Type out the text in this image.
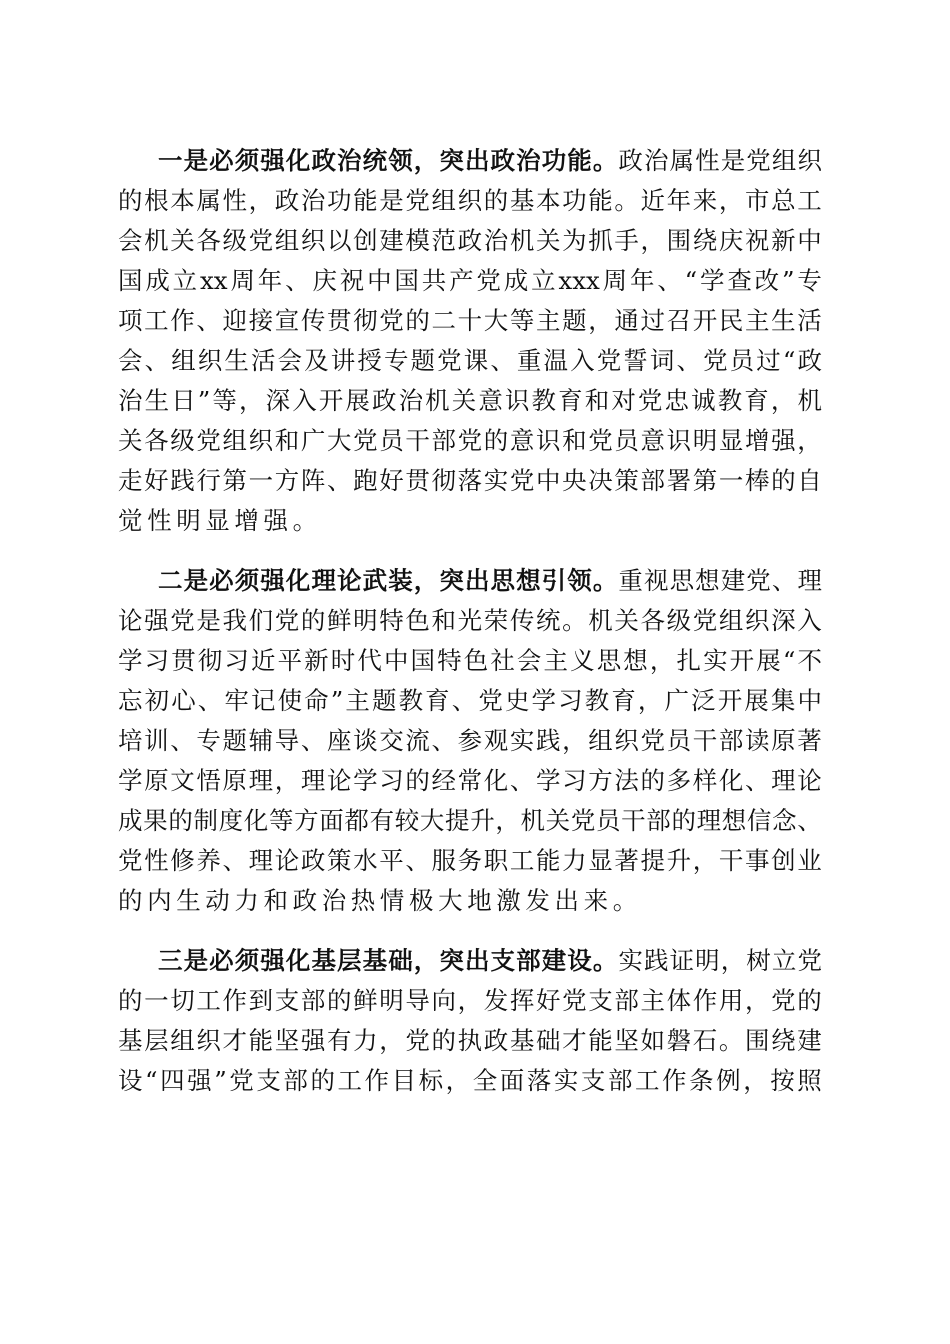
一 是 必 须 强 化 政 治 统 领 ， 突 出 政 治 功 能 。 政 治 属 性 是 党 组 织
的 根 本 属 性 ， 政 治 功 能 是 党 组 织 的 基 本 功 能 。 近 年 来 ， 市 总 工
会 机 关 各 级 党 组 织 以 创 建 模 范 政 治 机 关 为 抓 手 ， 围 绕 庆 祝 新 中
国 成 立 xx 周 年 、 庆 祝 中 国 共 产 党 成 立 xxx 周 年 、 “ 学 查 改 ” 专
项 工 作 、 迎 接 宣 传 贯 彻 党 的 二 十 大 等 主 题 ， 通 过 召 开 民 主 生 活
会 、 组 织 生 活 会 及 讲 授 专 题 党 课 、 重 温 入 党 誓 词 、 党 员 过 “ 政
治 生 日 ” 等 ， 深 入 开 展 政 治 机 关 意 识 教 育 和 对 党 忠 诚 教 育 ， 机
关 各 级 党 组 织 和 广 大 党 员 干 部 党 的 意 识 和 党 员 意 识 明 显 增 强 ，
走 好 践 行 第 一 方 阵 、 跑 好 贯 彻 落 实 党 中 央 决 策 部 署 第 一 棒 的 自
觉性明显增强。
二 是 必 须 强 化 理 论 武 装 ， 突 出 思 想 引 领 。 重 视 思 想 建 党 、 理
论 强 党 是 我 们 党 的 鲜 明 特 色 和 光 荣 传 统 。 机 关 各 级 党 组 织 深 入
学 习 贯 彻 习 近 平 新 时 代 中 国 特 色 社 会 主 义 思 想 ， 扎 实 开 展 “ 不
忘 初 心 、 牢 记 使 命 ” 主 题 教 育 、 党 史 学 习 教 育 ， 广 泛 开 展 集 中
培 训 、 专 题 辅 导 、 座 谈 交 流 、 参 观 实 践 ， 组 织 党 员 干 部 读 原 著
学 原 文 悟 原 理 ， 理 论 学 习 的 经 常 化 、 学 习 方 法 的 多 样 化 、 理 论
成 果 的 制 度 化 等 方 面 都 有 较 大 提 升 ， 机 关 党 员 干 部 的 理 想 信 念 、
党 性 修 养 、 理 论 政 策 水 平 、 服 务 职 工 能 力 显 著 提 升 ， 干 事 创 业
的内生动力和政治热情极大地激发出来。
三 是 必 须 强 化 基 层 基 础 ， 突 出 支 部 建 设 。 实 践 证 明 ， 树 立 党
的 一 切 工 作 到 支 部 的 鲜 明 导 向 ， 发 挥 好 党 支 部 主 体 作 用 ， 党 的
基 层 组 织 才 能 坚 强 有 力 ， 党 的 执 政 基 础 才 能 坚 如 磐 石 。 围 绕 建
设 “ 四 强 ” 党 支 部 的 工 作 目 标 ， 全 面 落 实 支 部 工 作 条 例 ， 按 照
